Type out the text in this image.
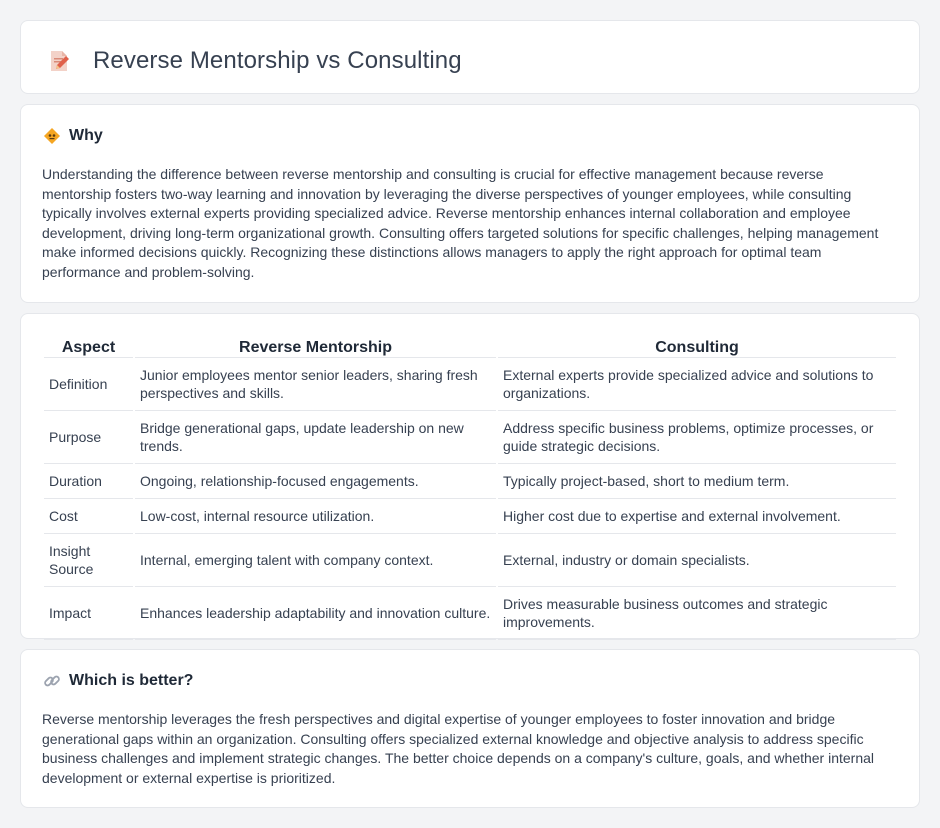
Reverse Mentorship vs Consulting
Why

Understanding the difference between reverse mentorship and consulting is crucial for effective management because reverse mentorship fosters two-way learning and innovation by leveraging the diverse perspectives of younger employees, while consulting typically involves external experts providing specialized advice. Reverse mentorship enhances internal collaboration and employee development, driving long-term organizational growth. Consulting offers targeted solutions for specific challenges, helping management make informed decisions quickly. Recognizing these distinctions allows managers to apply the right approach for optimal team performance and problem-solving.

Aspect	Reverse Mentorship	Consulting
Definition	Junior employees mentor senior leaders, sharing fresh perspectives and skills.	External experts provide specialized advice and solutions to organizations.
Purpose	Bridge generational gaps, update leadership on new trends.	Address specific business problems, optimize processes, or guide strategic decisions.
Duration	Ongoing, relationship-focused engagements.	Typically project-based, short to medium term.
Cost	Low-cost, internal resource utilization.	Higher cost due to expertise and external involvement.
Insight Source	Internal, emerging talent with company context.	External, industry or domain specialists.
Impact	Enhances leadership adaptability and innovation culture.	Drives measurable business outcomes and strategic improvements.
Which is better?

Reverse mentorship leverages the fresh perspectives and digital expertise of younger employees to foster innovation and bridge generational gaps within an organization. Consulting offers specialized external knowledge and objective analysis to address specific business challenges and implement strategic changes. The better choice depends on a company's culture, goals, and whether internal development or external expertise is prioritized.
